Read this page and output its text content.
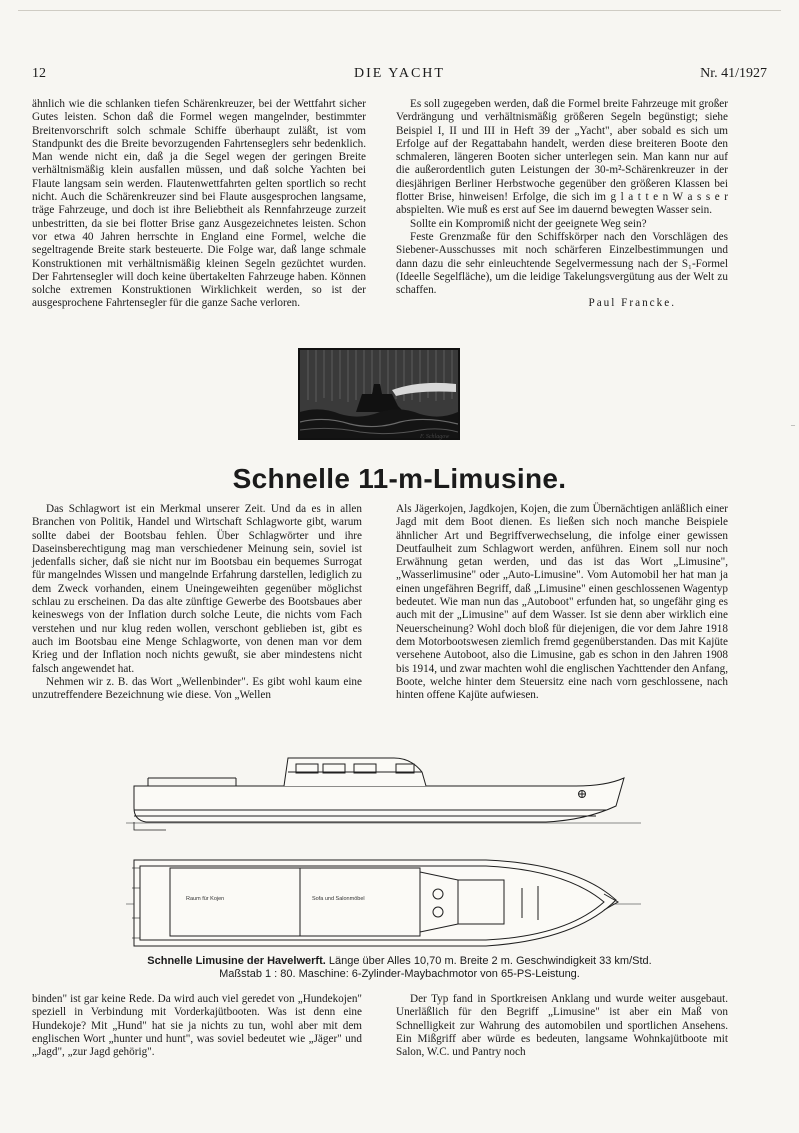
12	DIE YACHT	Nr. 41/1927

ähnlich wie die schlanken tiefen Schärenkreuzer, bei der Wettfahrt sicher Gutes leisten. Schon daß die Formel wegen mangelnder, bestimmter Breitenvorschrift solch schmale Schiffe überhaupt zuläßt, ist vom Standpunkt des die Breite bevorzugenden Fahrtenseglers sehr bedenklich. Man wende nicht ein, daß ja die Segel wegen der geringen Breite verhältnismäßig klein ausfallen müssen, und daß solche Yachten bei Flaute langsam sein werden. Flautenwettfahrten gelten sportlich so recht nicht. Auch die Schärenkreuzer sind bei Flaute ausgesprochen langsame, träge Fahrzeuge, und doch ist ihre Beliebtheit als Rennfahrzeuge zurzeit unbestritten, da sie bei flotter Brise ganz Ausgezeichnetes leisten. Schon vor etwa 40 Jahren herrschte in England eine Formel, welche die segeltragende Breite stark besteuerte. Die Folge war, daß lange schmale Konstruktionen mit verhältnismäßig kleinen Segeln gezüchtet wurden. Der Fahrtensegler will doch keine übertakelten Fahrzeuge haben. Können solche extremen Konstruktionen Wirklichkeit werden, so ist der ausgesprochene Fahrtensegler für die ganze Sache verloren.

Es soll zugegeben werden, daß die Formel breite Fahrzeuge mit großer Verdrängung und verhältnismäßig größeren Segeln begünstigt; siehe Beispiel I, II und III in Heft 39 der „Yacht", aber sobald es sich um Erfolge auf der Regattabahn handelt, werden diese breiteren Boote den schmaleren, längeren Booten sicher unterlegen sein. Man kann nur auf die außerordentlich guten Leistungen der 30-m²-Schärenkreuzer in der diesjährigen Berliner Herbstwoche gegenüber den größeren Klassen bei flotter Brise, hinweisen! Erfolge, die sich im g l a t t e n W a s s e r abspielten. Wie muß es erst auf See im dauernd bewegten Wasser sein.

Sollte ein Kompromiß nicht der geeignete Weg sein?

Feste Grenzmaße für den Schiffskörper nach den Vorschlägen des Siebener-Ausschusses mit noch schärferen Einzelbestimmungen und dann dazu die sehr einleuchtende Segelvermessung nach der S₁-Formel (Ideelle Segelfläche), um die leidige Takelungsvergütung aus der Welt zu schaffen.

Paul Francke.

F. Schlagow
Schnelle 11-m-Limusine.

Das Schlagwort ist ein Merkmal unserer Zeit. Und da es in allen Branchen von Politik, Handel und Wirtschaft Schlagworte gibt, warum sollte dabei der Bootsbau fehlen. Über Schlagwörter und ihre Daseinsberechtigung mag man verschiedener Meinung sein, soviel ist jedenfalls sicher, daß sie nicht nur im Bootsbau ein bequemes Surrogat für mangelndes Wissen und mangelnde Erfahrung darstellen, lediglich zu dem Zweck vorhanden, einem Uneingeweihten gegenüber möglichst schlau zu erscheinen. Da das alte zünftige Gewerbe des Bootsbaues aber keineswegs von der Inflation durch solche Leute, die nichts vom Fach verstehen und nur klug reden wollen, verschont geblieben ist, gibt es auch im Bootsbau eine Menge Schlagworte, von denen man vor dem Krieg und der Inflation noch nichts gewußt, sie aber mindestens nicht falsch angewendet hat.

Nehmen wir z. B. das Wort „Wellenbinder". Es gibt wohl kaum eine unzutreffendere Bezeichnung wie diese. Von „Wellen

Als Jägerkojen, Jagdkojen, Kojen, die zum Übernächtigen anläßlich einer Jagd mit dem Boot dienen. Es ließen sich noch manche Beispiele ähnlicher Art und Begriffverwechselung, die infolge einer gewissen Deutfaulheit zum Schlagwort werden, anführen. Einem soll nur noch Erwähnung getan werden, und das ist das Wort „Limusine", „Wasserlimusine" oder „Auto-Limusine". Vom Automobil her hat man ja einen ungefähren Begriff, daß „Limusine" einen geschlossenen Wagentyp bedeutet. Wie man nun das „Autoboot" erfunden hat, so ungefähr ging es auch mit der „Limusine" auf dem Wasser. Ist sie denn aber wirklich eine Neuerscheinung? Wohl doch bloß für diejenigen, die vor dem Jahre 1918 dem Motorbootswesen ziemlich fremd gegenüberstanden. Das mit Kajüte versehene Autoboot, also die Limusine, gab es schon in den Jahren 1908 bis 1914, und zwar machten wohl die englischen Yachttender den Anfang, Boote, welche hinter dem Steuersitz eine nach vorn geschlossene, nach hinten offene Kajüte aufwiesen.

Raum für Kojen	Sofa und Salonmöbel
Schnelle Limusine der Havelwerft. Länge über Alles 10,70 m. Breite 2 m. Geschwindigkeit 33 km/Std.
Maßstab 1 : 80. Maschine: 6-Zylinder-Maybachmotor von 65-PS-Leistung.

binden" ist gar keine Rede. Da wird auch viel geredet von „Hundekojen" speziell in Verbindung mit Vorderkajütbooten. Was ist denn eine Hundekoje? Mit „Hund" hat sie ja nichts zu tun, wohl aber mit dem englischen Wort „hunter und hunt", was soviel bedeutet wie „Jäger" und „Jagd", „zur Jagd gehörig".

Der Typ fand in Sportkreisen Anklang und wurde weiter ausgebaut. Unerläßlich für den Begriff „Limusine" ist aber ein Maß von Schnelligkeit zur Wahrung des automobilen und sportlichen Ansehens. Ein Mißgriff aber würde es bedeuten, langsame Wohnkajütboote mit Salon, W.C. und Pantry noch

–
